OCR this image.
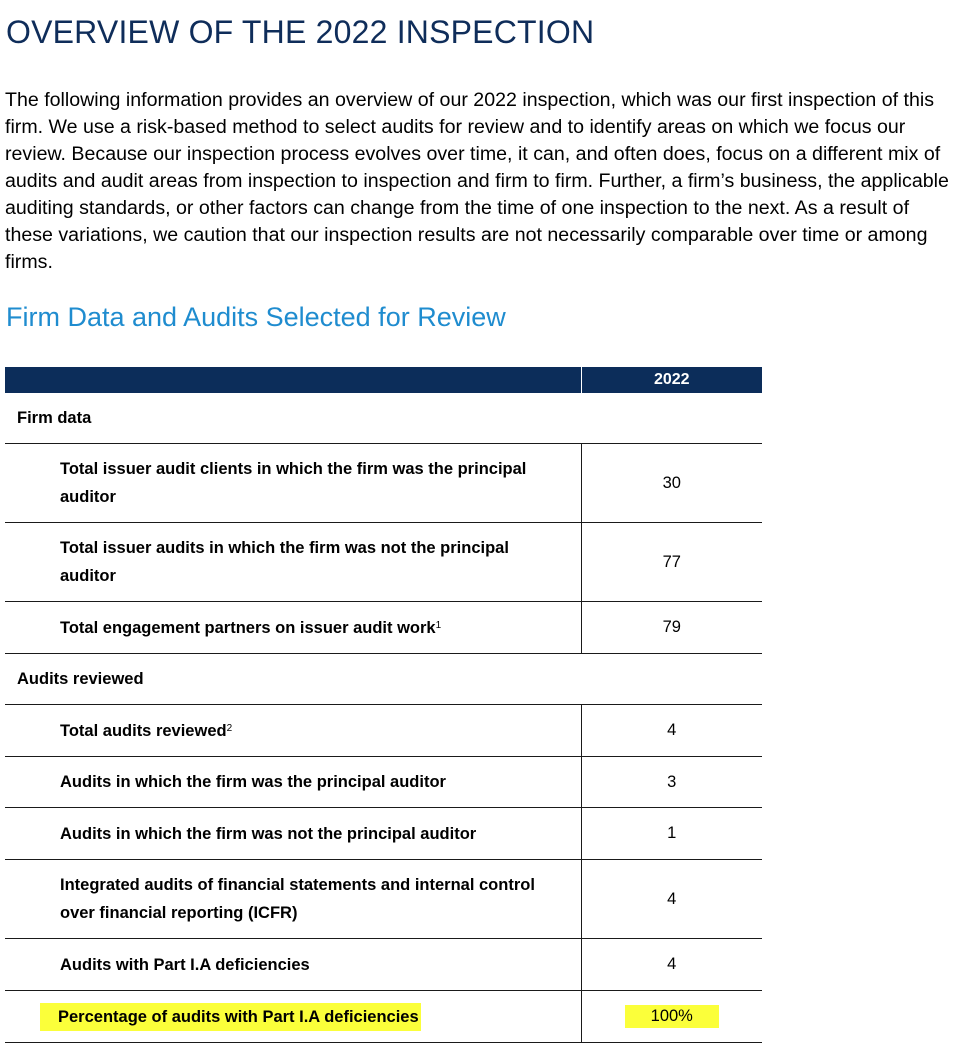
OVERVIEW OF THE 2022 INSPECTION

The following information provides an overview of our 2022 inspection, which was our first inspection of this firm. We use a risk-based method to select audits for review and to identify areas on which we focus our review. Because our inspection process evolves over time, it can, and often does, focus on a different mix of audits and audit areas from inspection to inspection and firm to firm. Further, a firm’s business, the applicable auditing standards, or other factors can change from the time of one inspection to the next. As a result of these variations, we caution that our inspection results are not necessarily comparable over time or among firms.

Firm Data and Audits Selected for Review
	2022
Firm data	
Total issuer audit clients in which the firm was the principal auditor	30
Total issuer audits in which the firm was not the principal auditor	77
Total engagement partners on issuer audit work$^1$	79
Audits reviewed	
Total audits reviewed$^2$	4
Audits in which the firm was the principal auditor	3
Audits in which the firm was not the principal auditor	1
Integrated audits of financial statements and internal control over financial reporting (ICFR)	4
Audits with Part I.A deficiencies	4
Percentage of audits with Part I.A deficiencies	100%
